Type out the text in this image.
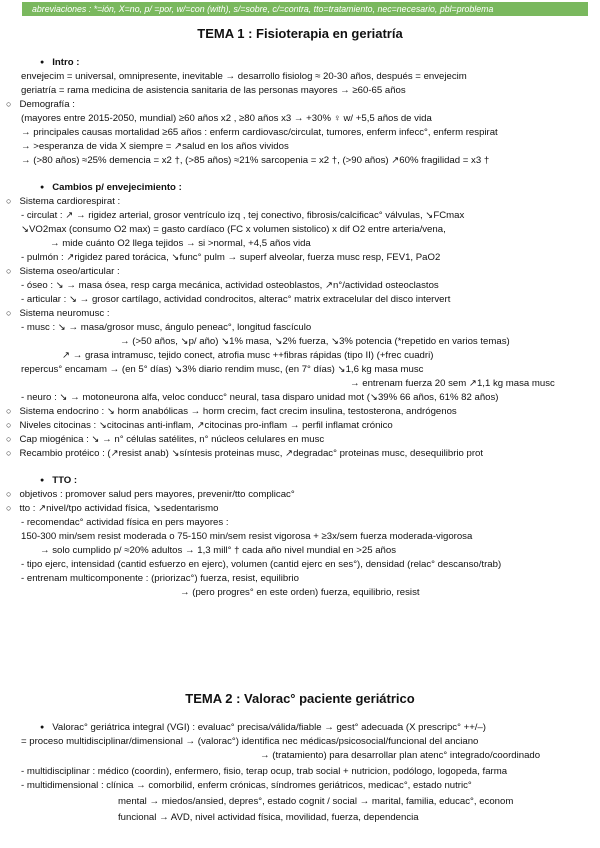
abreviaciones : *=ión, X=no, p/ =por, w/=con (with), s/=sobre, c/=contra, tto=tratamiento, nec=necesario, pbl=problema
TEMA 1 : Fisioterapia en geriatría
● Intro :
envejecim = universal, omnipresente, inevitable → desarrollo fisiolog ≈ 20-30 años, después = envejecim
geriatría = rama medicina de asistencia sanitaria de las personas mayores → ≥60-65 años
○ Demografía :
(mayores entre 2015-2050, mundial) ≥60 años x2 , ≥80 años x3 → +30% ♀ w/ +5,5 años de vida
→ principales causas mortalidad ≥65 años : enferm cardiovasc/circulat, tumores, enferm infecc°, enferm respirat
→ >esperanza de vida X siempre = ↗salud en los años vividos
→ (>80 años) ≈25% demencia = x2 †, (>85 años) ≈21% sarcopenia = x2 †, (>90 años) ↗60% fragilidad = x3 †
● Cambios p/ envejecimiento :
○ Sistema cardiorespirat :
- circulat : ↗ → rigidez arterial, grosor ventrículo izq , tej conectivo, fibrosis/calcificac° válvulas, ↘FCmax
↘VO2max (consumo O2 max) = gasto cardíaco (FC x volumen sistolico) x dif O2 entre arteria/vena,
→ mide cuánto O2 llega tejidos → si >normal, +4,5 años vida
- pulmón : ↗rigidez pared torácica, ↘func° pulm → superf alveolar, fuerza musc resp, FEV1, PaO2
○ Sistema oseo/articular :
- óseo : ↘ → masa ósea, resp carga mecánica, actividad osteoblastos, ↗n°/actividad osteoclastos
- articular : ↘ → grosor cartílago, actividad condrocitos, alterac° matrix extracelular del disco intervert
○ Sistema neuromusc :
- musc : ↘ → masa/grosor musc, ángulo peneac°, longitud fascículo
→ (>50 años, ↘p/ año) ↘1% masa, ↘2% fuerza, ↘3% potencia (*repetido en varios temas)
↗ → grasa intramusc, tejido conect, atrofia musc ++fibras rápidas (tipo II) (+frec cuadri)
repercus° encamam → (en 5° días) ↘3% diario rendim musc, (en 7° días) ↘1,6 kg masa musc
→ entrenam fuerza 20 sem ↗1,1 kg masa musc
- neuro : ↘ → motoneurona alfa, veloc conducc° neural, tasa disparo unidad mot (↘39% 66 años, 61% 82 años)
○ Sistema endocrino : ↘ horm anabólicas → horm crecim, fact crecim insulina, testosterona, andrógenos
○ Niveles citocinas : ↘citocinas anti-inflam, ↗citocinas pro-inflam → perfil inflamat crónico
○ Cap miogénica : ↘ → n° células satélites, n° núcleos celulares en musc
○ Recambio protéico : (↗resist anab) ↘síntesis proteinas musc, ↗degradac° proteinas musc, desequilibrio prot
● TTO :
○ objetivos : promover salud pers mayores, prevenir/tto complicac°
○ tto : ↗nivel/tpo actividad física, ↘sedentarismo
- recomendac° actividad física en pers mayores :
150-300 min/sem resist moderada o 75-150 min/sem resist vigorosa + ≥3x/sem fuerza moderada-vigorosa
→ solo cumplido p/ ≈20% adultos → 1,3 mill° † cada año nivel mundial en >25 años
- tipo ejerc, intensidad (cantid esfuerzo en ejerc), volumen (cantid ejerc en ses°), densidad (relac° descanso/trab)
- entrenam multicomponente : (priorizac°) fuerza, resist, equilibrio
→ (pero progres° en este orden) fuerza, equilibrio, resist
TEMA 2 : Valorac° paciente geriátrico
● Valorac° geriátrica integral (VGI) : evaluac° precisa/válida/fiable → gest° adecuada (X prescripc° ++/–)
= proceso multidisciplinar/dimensional → (valorac°) identifica nec médicas/psicosocial/funcional del anciano
→ (tratamiento) para desarrollar plan atenc° integrado/coordinado
- multidisciplinar : médico (coordin), enfermero, fisio, terap ocup, trab social + nutricion, podólogo, logopeda, farma
- multidimensional : clínica → comorbilid, enferm crónicas, síndromes geriátricos, medicac°, estado nutric°
mental → miedos/ansied, depres°, estado cognit / social → marital, familia, educac°, econom
funcional → AVD, nivel actividad física, movilidad, fuerza, dependencia
